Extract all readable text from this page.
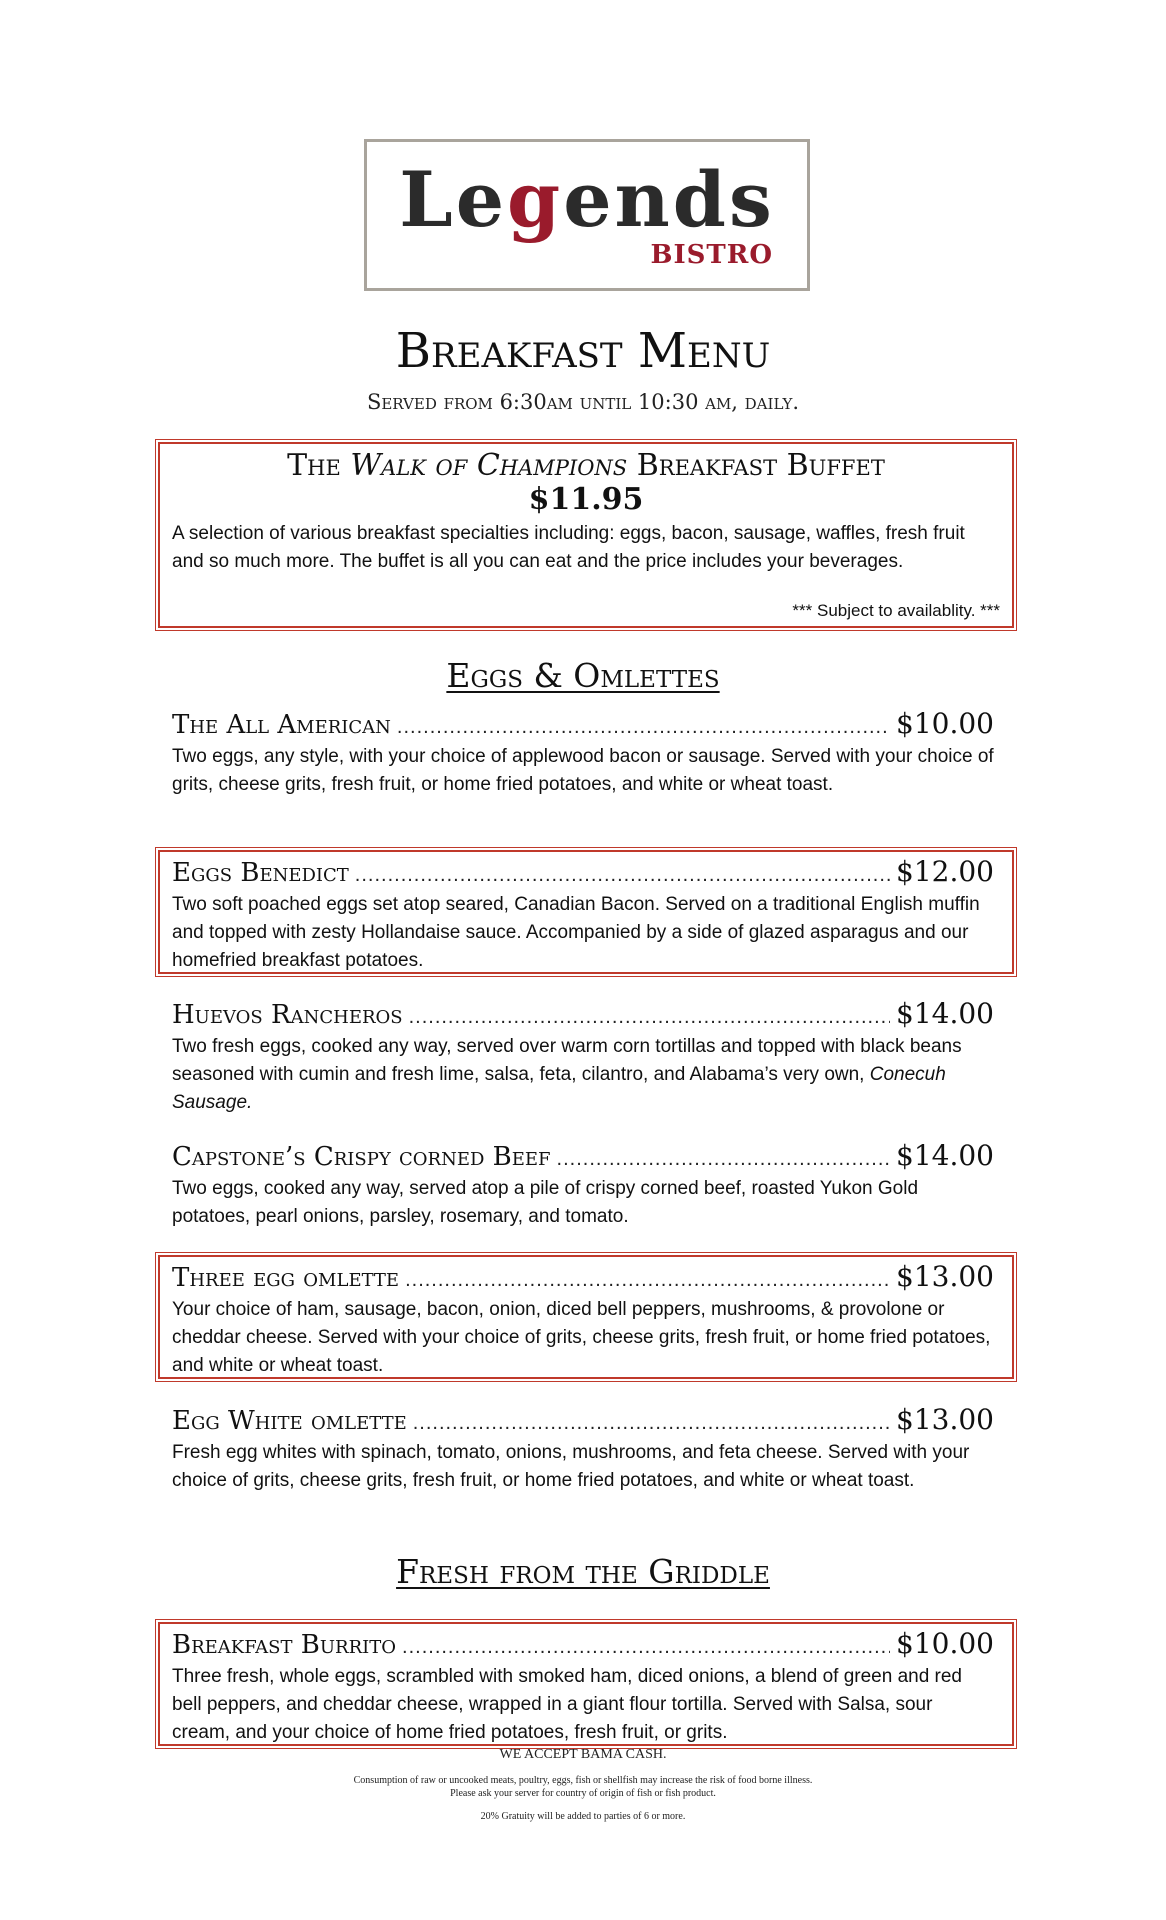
Legends
BISTRO
Breakfast Menu
Served from 6:30am until 10:30 am, daily.
The Walk of Champions Breakfast Buffet
$11.95
A selection of various breakfast specialties including: eggs, bacon, sausage, waffles, fresh fruit and so much more. The buffet is all you can eat and the price includes your beverages.
*** Subject to availablity. ***
Eggs & Omlettes
The All American .....	$10.00
Two eggs, any style, with your choice of applewood bacon or sausage. Served with your choice of grits, cheese grits, fresh fruit, or home fried potatoes, and white or wheat toast.
Eggs Benedict .....	$12.00
Two soft poached eggs set atop seared, Canadian Bacon. Served on a traditional English muffin and topped with zesty Hollandaise sauce. Accompanied by a side of glazed asparagus and our homefried breakfast potatoes.
Huevos Rancheros .....	$14.00
Two fresh eggs, cooked any way, served over warm corn tortillas and topped with black beans seasoned with cumin and fresh lime, salsa, feta, cilantro, and Alabama’s very own, Conecuh Sausage.
Capstone’s Crispy corned Beef .....	$14.00
Two eggs, cooked any way, served atop a pile of crispy corned beef, roasted Yukon Gold potatoes, pearl onions, parsley, rosemary, and tomato.
Three egg omlette .....	$13.00
Your choice of ham, sausage, bacon, onion, diced bell peppers, mushrooms, & provolone or cheddar cheese. Served with your choice of grits, cheese grits, fresh fruit, or home fried potatoes, and white or wheat toast.
Egg White omlette .....	$13.00
Fresh egg whites with spinach, tomato, onions, mushrooms, and feta cheese. Served with your choice of grits, cheese grits, fresh fruit, or home fried potatoes, and white or wheat toast.
Fresh from the Griddle
Breakfast Burrito .....	$10.00
Three fresh, whole eggs, scrambled with smoked ham, diced onions, a blend of green and red bell peppers, and cheddar cheese, wrapped in a giant flour tortilla. Served with Salsa, sour cream, and your choice of home fried potatoes, fresh fruit, or grits.
WE ACCEPT BAMA CASH.
Consumption of raw or uncooked meats, poultry, eggs, fish or shellfish may increase the risk of food borne illness.
Please ask your server for country of origin of fish or fish product.
20% Gratuity will be added to parties of 6 or more.
